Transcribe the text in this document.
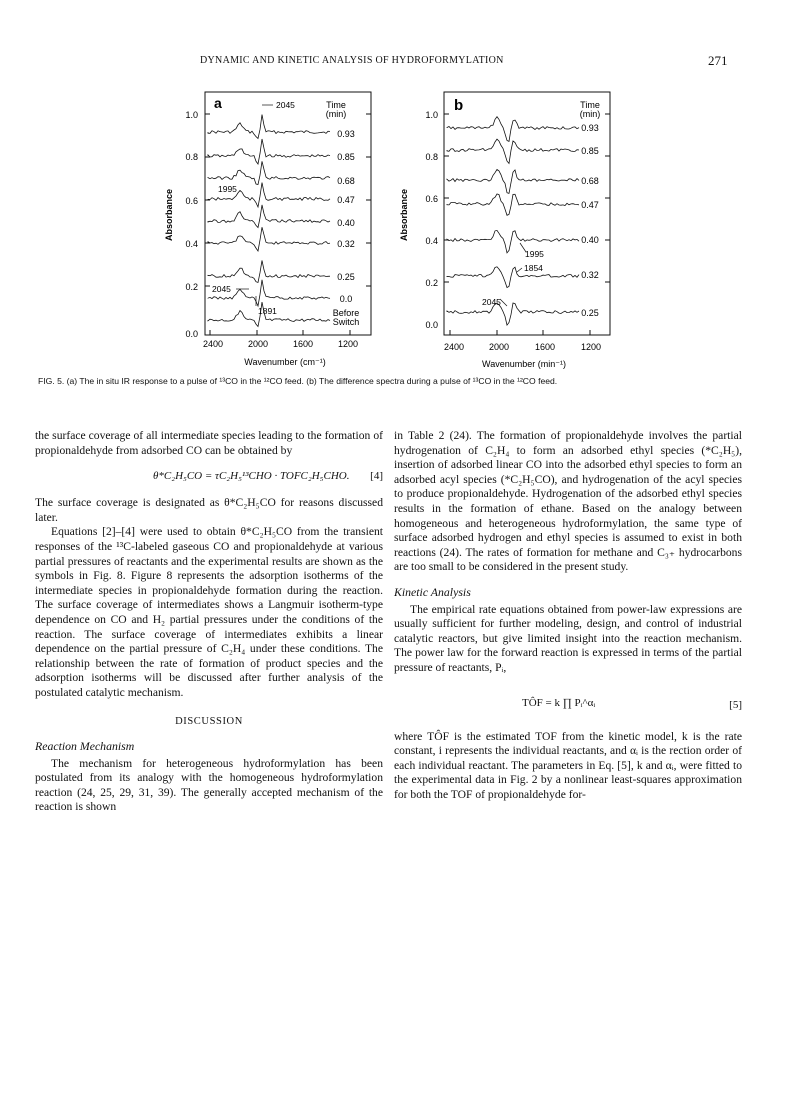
DYNAMIC AND KINETIC ANALYSIS OF HYDROFORMYLATION	271
a	Time
(min)
1.0
0.8
0.6
0.4
0.2
0.0
Absorbance
2400	2000	1600	1200
Wavenumber (cm⁻¹)
0.93
0.85
0.68
0.47
0.40
0.32
0.25
0.0
Before
Switch
2045
1995
2045
1891
b	Time
(min)
1.0
0.8
0.6
0.4
0.2
0.0
Absorbance
2400	2000	1600	1200
Wavenumber (min⁻¹)
0.93
0.85
0.68
0.47
0.40
0.32
0.25
1995
1854
2045
FIG. 5. (a) The in situ IR response to a pulse of ¹³CO in the ¹²CO feed. (b) The difference spectra during a pulse of ¹³CO in the ¹²CO feed.

the surface coverage of all intermediate species leading to the formation of propionaldehyde from adsorbed CO can be obtained by

θ*C₂H₅CO = τC₂H₅¹³CHO · TOFC₂H₅CHO. [4]

The surface coverage is designated as θ*C₂H₅CO for reasons discussed later.

Equations [2]–[4] were used to obtain θ*C₂H₅CO from the transient responses of the ¹³C-labeled gaseous CO and propionaldehyde at various partial pressures of reactants and the experimental results are shown as the symbols in Fig. 8. Figure 8 represents the adsorption isotherms of the intermediate species in propionaldehyde formation during the reaction. The surface coverage of intermediates shows a Langmuir isotherm-type dependence on CO and H₂ partial pressures under the conditions of the reaction. The surface coverage of intermediates exhibits a linear dependence on the partial pressure of C₂H₄ under these conditions. The relationship between the rate of formation of product species and the adsorption isotherms will be discussed after further analysis of the postulated catalytic mechanism.

DISCUSSION
Reaction Mechanism

The mechanism for heterogeneous hydroformylation has been postulated from its analogy with the homogeneous hydroformylation reaction (24, 25, 29, 31, 39). The generally accepted mechanism of the reaction is shown

in Table 2 (24). The formation of propionaldehyde involves the partial hydrogenation of C₂H₄ to form an adsorbed ethyl species (*C₂H₅), insertion of adsorbed linear CO into the adsorbed ethyl species to form an adsorbed acyl species (*C₂H₅CO), and hydrogenation of the acyl species to produce propionaldehyde. Hydrogenation of the adsorbed ethyl species results in the formation of ethane. Based on the analogy between homogeneous and heterogeneous hydroformylation, the same type of surface adsorbed hydrogen and ethyl species is assumed to exist in both reactions (24). The rates of formation for methane and C₃₊ hydrocarbons are too small to be considered in the present study.

Kinetic Analysis

The empirical rate equations obtained from power-law expressions are usually sufficient for further modeling, design, and control of industrial catalytic reactors, but give limited insight into the reaction mechanism. The power law for the forward reaction is expressed in terms of the partial pressure of reactants, Pᵢ,

TÔF = k ∏ Pᵢ^αᵢ	[5]

where TÔF is the estimated TOF from the kinetic model, k is the rate constant, i represents the individual reactants, and αᵢ is the rection order of each individual reactant. The parameters in Eq. [5], k and αᵢ, were fitted to the experimental data in Fig. 2 by a nonlinear least-squares approximation for both the TOF of propionaldehyde for-
